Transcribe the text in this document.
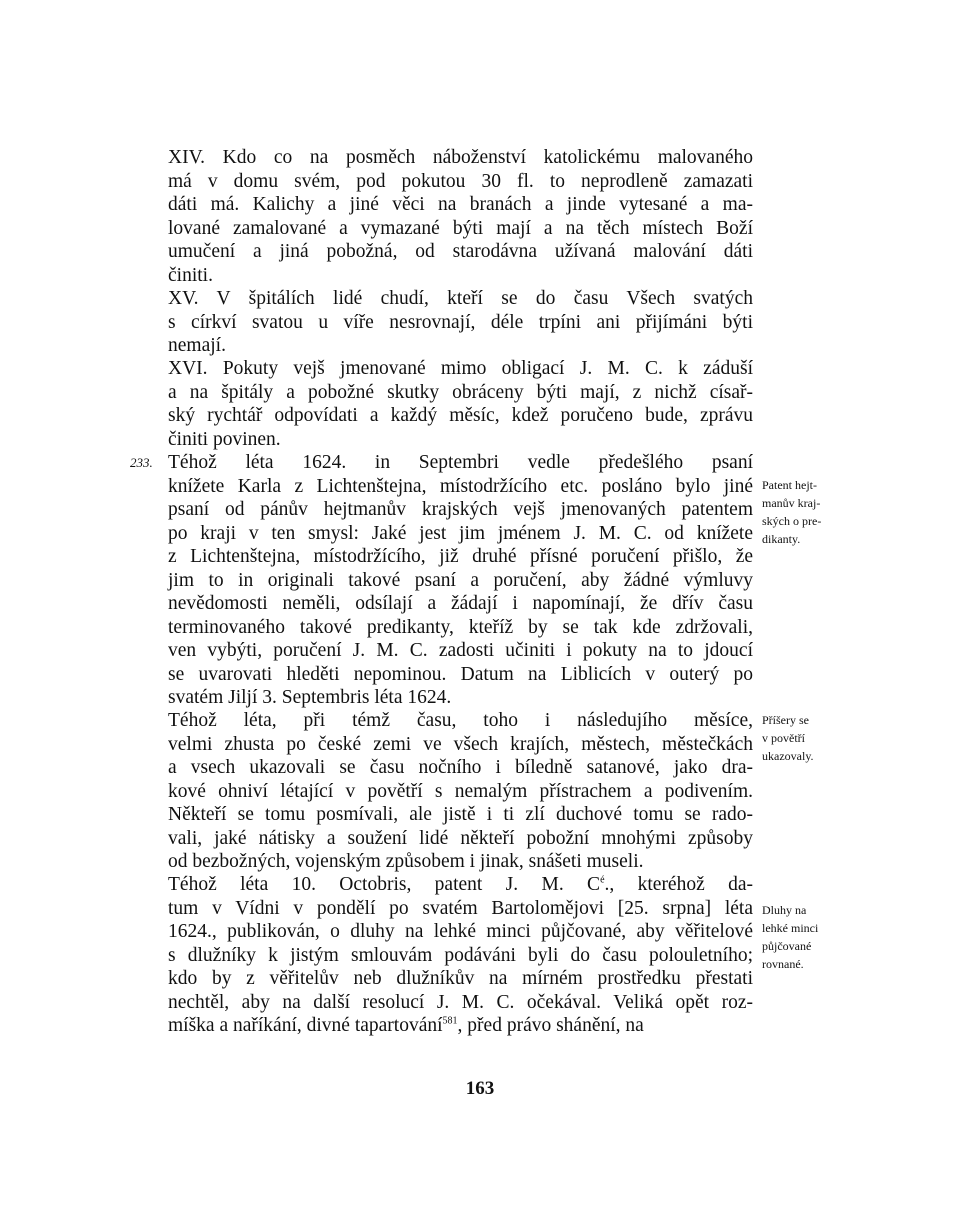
XIV. Kdo co na posměch náboženství katolickému malovaného
má v domu svém, pod pokutou 30 fl. to neprodleně zamazati
dáti má. Kalichy a jiné věci na branách a jinde vytesané a ma-
lované zamalované a vymazané býti mají a na těch místech Boží
umučení a jiná pobožná, od starodávna užívaná malování dáti
činiti.
XV. V špitálích lidé chudí, kteří se do času Všech svatých
s církví svatou u víře nesrovnají, déle trpíni ani přijímáni býti
nemají.
XVI. Pokuty vejš jmenované mimo obligací J. M. C. k záduší
a na špitály a pobožné skutky obráceny býti mají, z nichž císař-
ský rychtář odpovídati a každý měsíc, kdež poručeno bude, zprávu
činiti povinen.
Téhož léta 1624. in Septembri vedle předešlého psaní
knížete Karla z Lichtenštejna, místodržícího etc. posláno bylo jiné
psaní od pánův hejtmanův krajských vejš jmenovaných patentem
po kraji v ten smysl: Jaké jest jim jménem J. M. C. od knížete
z Lichtenštejna, místodržícího, již druhé přísné poručení přišlo, že
jim to in originali takové psaní a poručení, aby žádné výmluvy
nevědomosti neměli, odsílají a žádají i napomínají, že dřív času
terminovaného takové predikanty, kteříž by se tak kde zdržovali,
ven vybýti, poručení J. M. C. zadosti učiniti i pokuty na to jdoucí
se uvarovati hleděti nepominou. Datum na Liblicích v outerý po
svatém Jiljí 3. Septembris léta 1624.
Téhož léta, při témž času, toho i následujího měsíce,
velmi zhusta po české zemi ve všech krajích, městech, městečkách
a vsech ukazovali se času nočního i bíledně satanové, jako dra-
kové ohniví létající v povětří s nemalým přístrachem a podivením.
Někteří se tomu posmívali, ale jistě i ti zlí duchové tomu se rado-
vali, jaké nátisky a soužení lidé někteří pobožní mnohými způsoby
od bezbožných, vojenským způsobem i jinak, snášeti museli.
Téhož léta 10. Octobris, patent J. M. $C^é$., kteréhož da-
tum v Vídni v pondělí po svatém Bartolomějovi [25. srpna] léta
1624., publikován, o dluhy na lehké minci půjčované, aby věřitelové
s dlužníky k jistým smlouvám podáváni byli do času polouletního;
kdo by z věřitelův neb dlužníkův na mírném prostředku přestati
nechtěl, aby na další resolucí J. M. C. očekával. Veliká opět roz-
míška a naříkání, divné tapartování$^{581}$, před právo shánění, na
233.
Patent hejt-
manův kraj-
ských o pre-
dikanty.
Příšery se
v povětří
ukazovaly.
Dluhy na
lehké minci
půjčované
rovnané.
163
